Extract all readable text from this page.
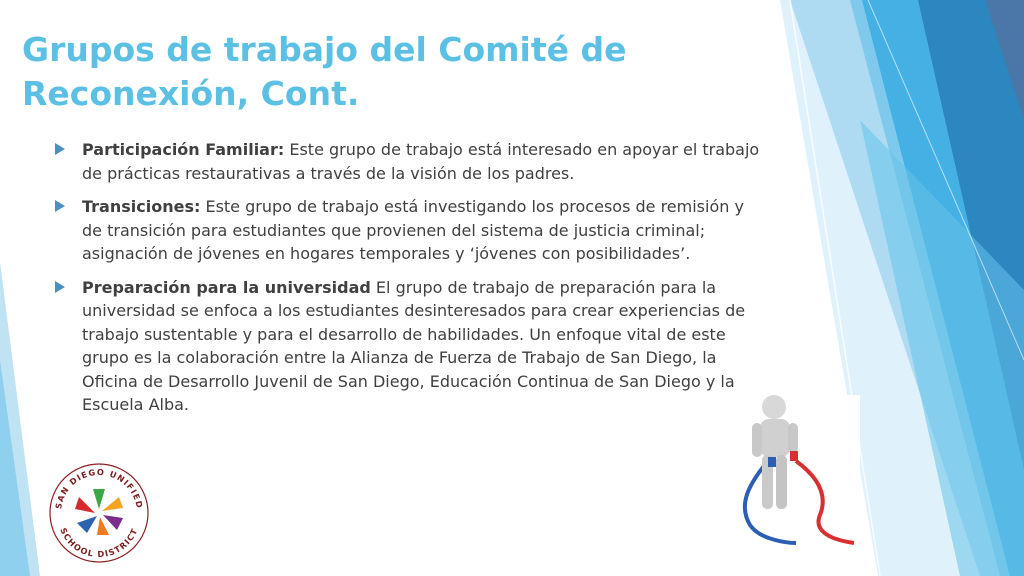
Grupos de trabajo del Comité de Reconexión, Cont.
Participación Familiar: Este grupo de trabajo está interesado en apoyar el trabajo de prácticas restaurativas a través de la visión de los padres.
Transiciones: Este grupo de trabajo está investigando los procesos de remisión y de transición para estudiantes que provienen del sistema de justicia criminal; asignación de jóvenes en hogares temporales y ‘jóvenes con posibilidades’.
Preparación para la universidad El grupo de trabajo de preparación para la universidad se enfoca a los estudiantes desinteresados para crear experiencias de trabajo sustentable y para el desarrollo de habilidades. Un enfoque vital de este grupo es la colaboración entre la Alianza de Fuerza de Trabajo de San Diego, la Oficina de Desarrollo Juvenil de San Diego, Educación Continua de San Diego y la Escuela Alba.
SAN DIEGO UNIFIED
SCHOOL DISTRICT
